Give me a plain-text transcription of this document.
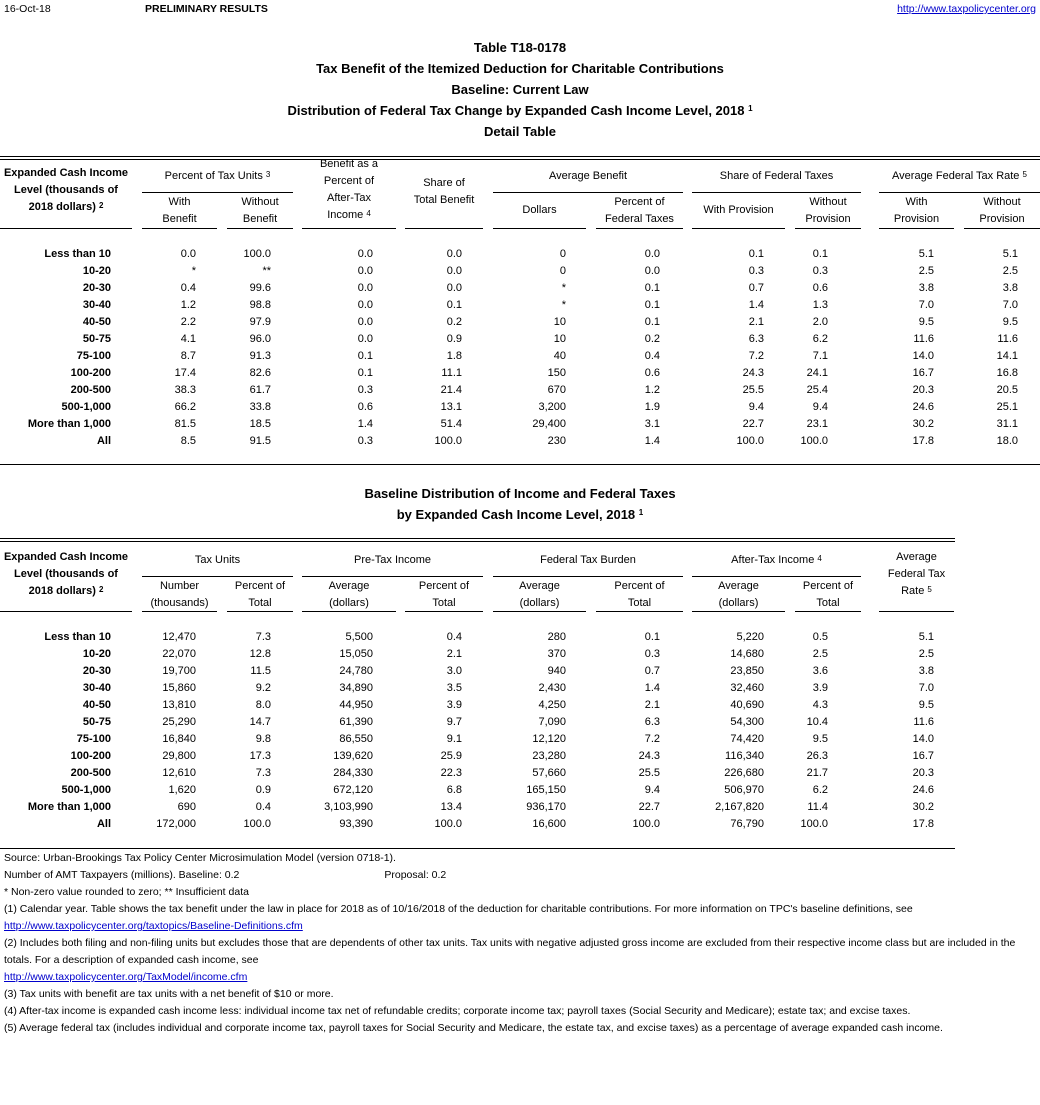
16-Oct-18	PRELIMINARY RESULTS	http://www.taxpolicycenter.org
Table T18-0178
Tax Benefit of the Itemized Deduction for Charitable Contributions
Baseline: Current Law
Distribution of Federal Tax Change by Expanded Cash Income Level, 2018 $^1$
Detail Table
Expanded Cash Income
Level (thousands of
2018 dollars) $^2$
Percent of Tax Units $^3$
With
Benefit
Without
Benefit
Benefit as a
Percent of
After-Tax
Income $^4$
Share of
Total Benefit
Average Benefit
Dollars
Percent of
Federal Taxes
Share of Federal Taxes
With Provision
Without
Provision
Average Federal Tax Rate $^5$
With
Provision
Without
Provision
Less than 10	0.0	100.0	0.0	0.0	0	0.0	0.1	0.1	5.1	5.1
10-20	*	**	0.0	0.0	0	0.0	0.3	0.3	2.5	2.5
20-30	0.4	99.6	0.0	0.0	*	0.1	0.7	0.6	3.8	3.8
30-40	1.2	98.8	0.0	0.1	*	0.1	1.4	1.3	7.0	7.0
40-50	2.2	97.9	0.0	0.2	10	0.1	2.1	2.0	9.5	9.5
50-75	4.1	96.0	0.0	0.9	10	0.2	6.3	6.2	11.6	11.6
75-100	8.7	91.3	0.1	1.8	40	0.4	7.2	7.1	14.0	14.1
100-200	17.4	82.6	0.1	11.1	150	0.6	24.3	24.1	16.7	16.8
200-500	38.3	61.7	0.3	21.4	670	1.2	25.5	25.4	20.3	20.5
500-1,000	66.2	33.8	0.6	13.1	3,200	1.9	9.4	9.4	24.6	25.1
More than 1,000	81.5	18.5	1.4	51.4	29,400	3.1	22.7	23.1	30.2	31.1
All	8.5	91.5	0.3	100.0	230	1.4	100.0	100.0	17.8	18.0
Baseline Distribution of Income and Federal Taxes
by Expanded Cash Income Level, 2018 $^1$
Expanded Cash Income
Level (thousands of
2018 dollars) $^2$
Tax Units
Number
(thousands)
Percent of
Total
Pre-Tax Income
Average
(dollars)
Percent of
Total
Federal Tax Burden
Average
(dollars)
Percent of
Total
After-Tax Income $^4$
Average
(dollars)
Percent of
Total
Average
Federal Tax
Rate $^5$
Less than 10	12,470	7.3	5,500	0.4	280	0.1	5,220	0.5	5.1
10-20	22,070	12.8	15,050	2.1	370	0.3	14,680	2.5	2.5
20-30	19,700	11.5	24,780	3.0	940	0.7	23,850	3.6	3.8
30-40	15,860	9.2	34,890	3.5	2,430	1.4	32,460	3.9	7.0
40-50	13,810	8.0	44,950	3.9	4,250	2.1	40,690	4.3	9.5
50-75	25,290	14.7	61,390	9.7	7,090	6.3	54,300	10.4	11.6
75-100	16,840	9.8	86,550	9.1	12,120	7.2	74,420	9.5	14.0
100-200	29,800	17.3	139,620	25.9	23,280	24.3	116,340	26.3	16.7
200-500	12,610	7.3	284,330	22.3	57,660	25.5	226,680	21.7	20.3
500-1,000	1,620	0.9	672,120	6.8	165,150	9.4	506,970	6.2	24.6
More than 1,000	690	0.4	3,103,990	13.4	936,170	22.7	2,167,820	11.4	30.2
All	172,000	100.0	93,390	100.0	16,600	100.0	76,790	100.0	17.8
Source: Urban-Brookings Tax Policy Center Microsimulation Model (version 0718-1).
Number of AMT Taxpayers (millions). Baseline: 0.2	Proposal: 0.2
* Non-zero value rounded to zero; ** Insufficient data
(1) Calendar year. Table shows the tax benefit under the law in place for 2018 as of 10/16/2018 of the deduction for charitable contributions. For more information on TPC's baseline definitions, see
http://www.taxpolicycenter.org/taxtopics/Baseline-Definitions.cfm
(2) Includes both filing and non-filing units but excludes those that are dependents of other tax units. Tax units with negative adjusted gross income are excluded from their respective income class but are included in the totals. For a description of expanded cash income, see
http://www.taxpolicycenter.org/TaxModel/income.cfm
(3) Tax units with benefit are tax units with a net benefit of $10 or more.
(4) After-tax income is expanded cash income less: individual income tax net of refundable credits; corporate income tax; payroll taxes (Social Security and Medicare); estate tax; and excise taxes.
(5) Average federal tax (includes individual and corporate income tax, payroll taxes for Social Security and Medicare, the estate tax, and excise taxes) as a percentage of average expanded cash income.
